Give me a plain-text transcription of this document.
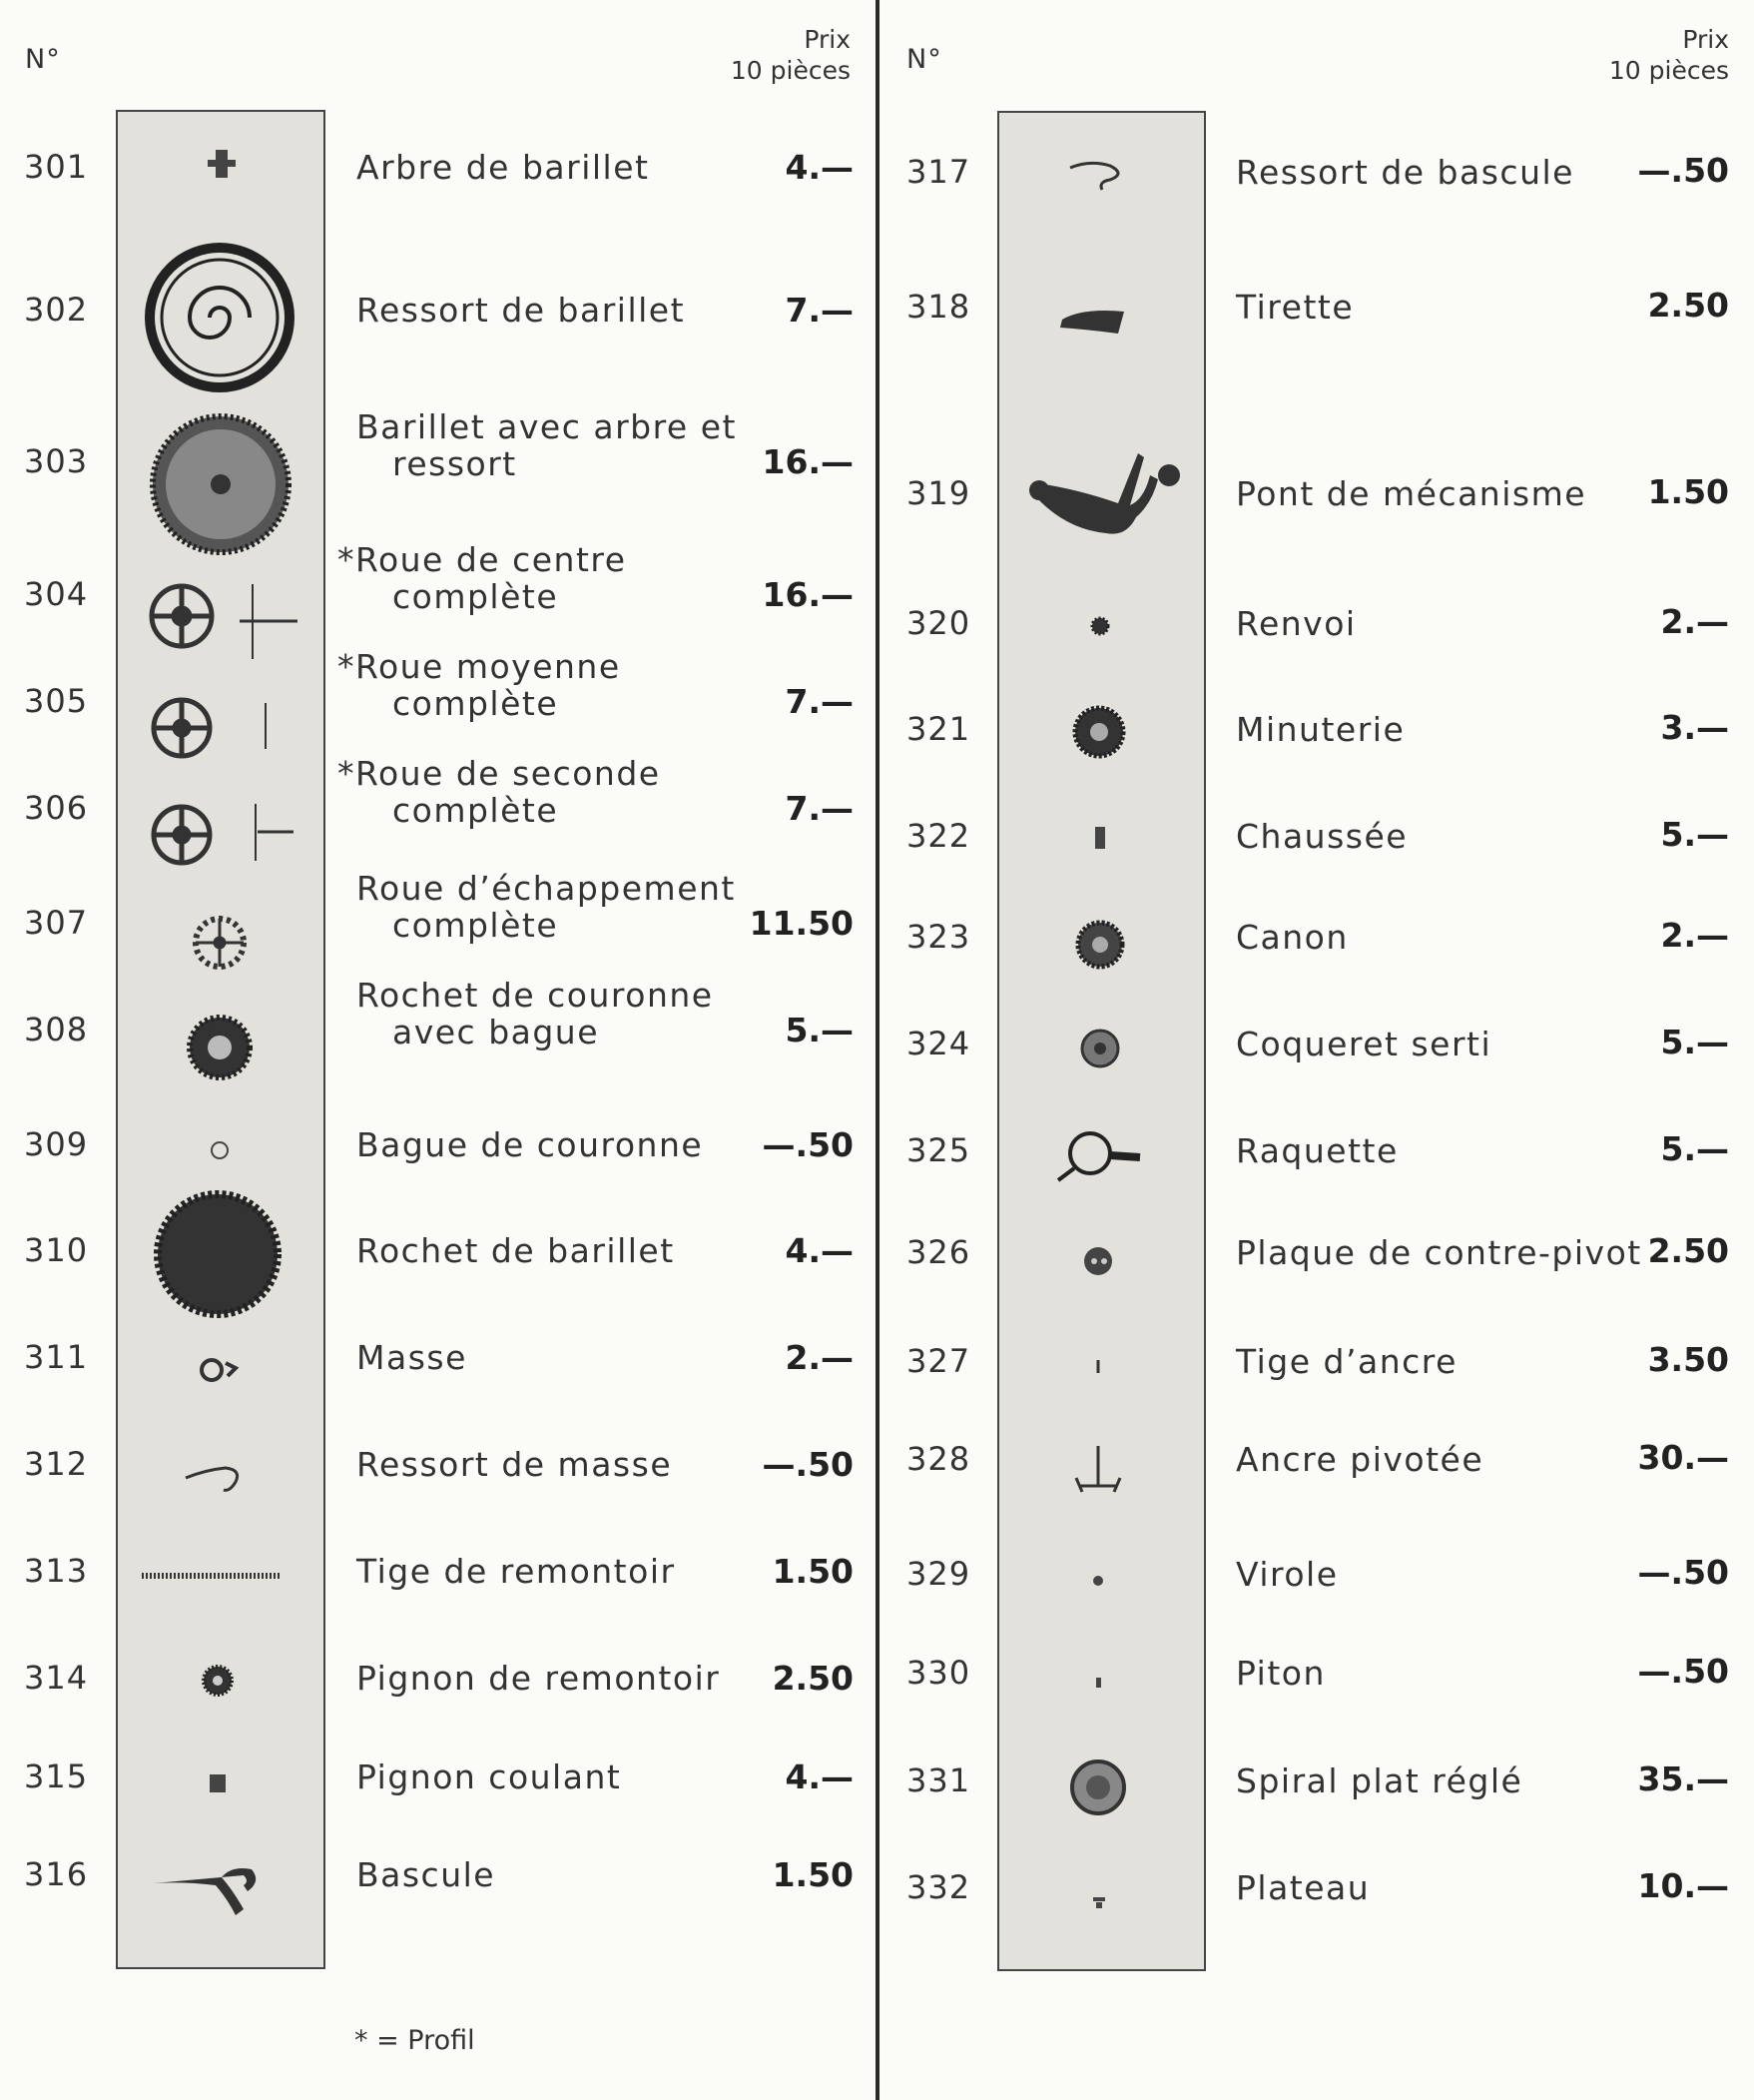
N°
Prix
10 pièces N°
Prix
10 pièces
301	Arbre de barillet	4.—
302	Ressort de barillet	7.—
303
Barillet avec arbre et
ressort	16.—
304
*Roue de centre
complète	16.—
305
*Roue moyenne
complète	7.—
306
*Roue de seconde
complète	7.—
307
Roue d’échappement
complète	11.50
308
Rochet de couronne
avec bague	5.—
309	Bague de couronne —.50
310	Rochet de barillet	4.—
311	Masse	2.—
312	Ressort de masse	—.50
313	Tige de remontoir	1.50
314	Pignon de remontoir 2.50
315	Pignon coulant	4.—
316	Bascule	1.50
317	Ressort de bascule —.50
318	Tirette	2.50
319	Pont de mécanisme 1.50
320	Renvoi	2.—
321	Minuterie	3.—
322	Chaussée	5.—
323	Canon	2.—
324	Coqueret serti	5.—
325	Raquette	5.—
326	Plaque de contre-pivot 2.50
327	Tige d’ancre	3.50
328	Ancre pivotée	30.—
329	Virole	—.50
330	Piton	—.50
331	Spiral plat réglé	35.—
332	Plateau	10.—
* = Profil
